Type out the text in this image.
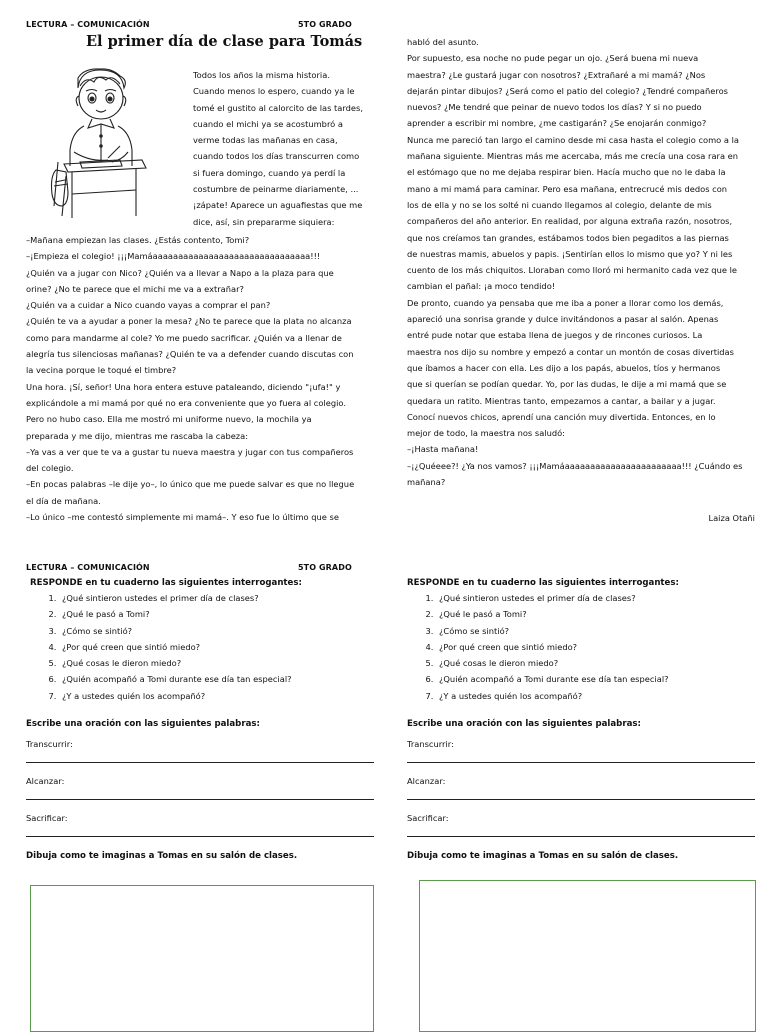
LECTURA – COMUNICACIÓN	5TO GRADO
El primer día de clase para Tomás

Todos los años la misma historia.

Cuando menos lo espero, cuando ya le

tomé el gustito al calorcito de las tardes,

cuando el michi ya se acostumbró a

verme todas las mañanas en casa,

cuando todos los días transcurren como

si fuera domingo, cuando ya perdí la

costumbre de peinarme diariamente, ...

¡zápate! Aparece un aguafiestas que me

dice, así, sin prepararme siquiera:

–Mañana empiezan las clases. ¿Estás contento, Tomi?

–¡Empieza el colegio! ¡¡¡Mamáaaaaaaaaaaaaaaaaaaaaaaaaaaaaaaa!!!

¿Quién va a jugar con Nico? ¿Quién va a llevar a Napo a la plaza para que

orine? ¿No te parece que el michi me va a extrañar?

¿Quién va a cuidar a Nico cuando vayas a comprar el pan?

¿Quién te va a ayudar a poner la mesa? ¿No te parece que la plata no alcanza

como para mandarme al cole? Yo me puedo sacrificar. ¿Quién va a llenar de

alegría tus silenciosas mañanas? ¿Quién te va a defender cuando discutas con

la vecina porque le toqué el timbre?

Una hora. ¡Sí, señor! Una hora entera estuve pataleando, diciendo "¡ufa!" y

explicándole a mi mamá por qué no era conveniente que yo fuera al colegio.

Pero no hubo caso. Ella me mostró mi uniforme nuevo, la mochila ya

preparada y me dijo, mientras me rascaba la cabeza:

–Ya vas a ver que te va a gustar tu nueva maestra y jugar con tus compañeros

del colegio.

–En pocas palabras –le dije yo–, lo único que me puede salvar es que no llegue

el día de mañana.

–Lo único –me contestó simplemente mi mamá–. Y eso fue lo último que se

habló del asunto.

Por supuesto, esa noche no pude pegar un ojo. ¿Será buena mi nueva

maestra? ¿Le gustará jugar con nosotros? ¿Extrañaré a mi mamá? ¿Nos

dejarán pintar dibujos? ¿Será como el patio del colegio? ¿Tendré compañeros

nuevos? ¿Me tendré que peinar de nuevo todos los días? Y si no puedo

aprender a escribir mi nombre, ¿me castigarán? ¿Se enojarán conmigo?

Nunca me pareció tan largo el camino desde mi casa hasta el colegio como a la

mañana siguiente. Mientras más me acercaba, más me crecía una cosa rara en

el estómago que no me dejaba respirar bien. Hacía mucho que no le daba la

mano a mi mamá para caminar. Pero esa mañana, entrecrucé mis dedos con

los de ella y no se los solté ni cuando llegamos al colegio, delante de mis

compañeros del año anterior. En realidad, por alguna extraña razón, nosotros,

que nos creíamos tan grandes, estábamos todos bien pegaditos a las piernas

de nuestras mamis, abuelos y papis. ¡Sentirían ellos lo mismo que yo? Y ni les

cuento de los más chiquitos. Lloraban como lloró mi hermanito cada vez que le

cambian el pañal: ¡a moco tendido!

De pronto, cuando ya pensaba que me iba a poner a llorar como los demás,

apareció una sonrisa grande y dulce invitándonos a pasar al salón. Apenas

entré pude notar que estaba llena de juegos y de rincones curiosos. La

maestra nos dijo su nombre y empezó a contar un montón de cosas divertidas

que íbamos a hacer con ella. Les dijo a los papás, abuelos, tíos y hermanos

que si querían se podían quedar. Yo, por las dudas, le dije a mi mamá que se

quedara un ratito. Mientras tanto, empezamos a cantar, a bailar y a jugar.

Conocí nuevos chicos, aprendí una canción muy divertida. Entonces, en lo

mejor de todo, la maestra nos saludó:

–¡Hasta mañana!

–¡¿Quéeee?! ¿Ya nos vamos? ¡¡¡Mamáaaaaaaaaaaaaaaaaaaaaaaa!!! ¿Cuándo es

mañana?

Laiza Otañi
LECTURA – COMUNICACIÓN	5TO GRADO
RESPONDE en tu cuaderno las siguientes interrogantes:
1. ¿Qué sintieron ustedes el primer día de clases?
2. ¿Qué le pasó a Tomi?
3. ¿Cómo se sintió?
4. ¿Por qué creen que sintió miedo?
5. ¿Qué cosas le dieron miedo?
6. ¿Quién acompañó a Tomi durante ese día tan especial?
7. ¿Y a ustedes quién los acompañó?
Escribe una oración con las siguientes palabras:
Transcurrir:
Alcanzar:
Sacrificar:
Dibuja como te imaginas a Tomas en su salón de clases.
RESPONDE en tu cuaderno las siguientes interrogantes:
1. ¿Qué sintieron ustedes el primer día de clases?
2. ¿Qué le pasó a Tomi?
3. ¿Cómo se sintió?
4. ¿Por qué creen que sintió miedo?
5. ¿Qué cosas le dieron miedo?
6. ¿Quién acompañó a Tomi durante ese día tan especial?
7. ¿Y a ustedes quién los acompañó?
Escribe una oración con las siguientes palabras:
Transcurrir:
Alcanzar:
Sacrificar:
Dibuja como te imaginas a Tomas en su salón de clases.
